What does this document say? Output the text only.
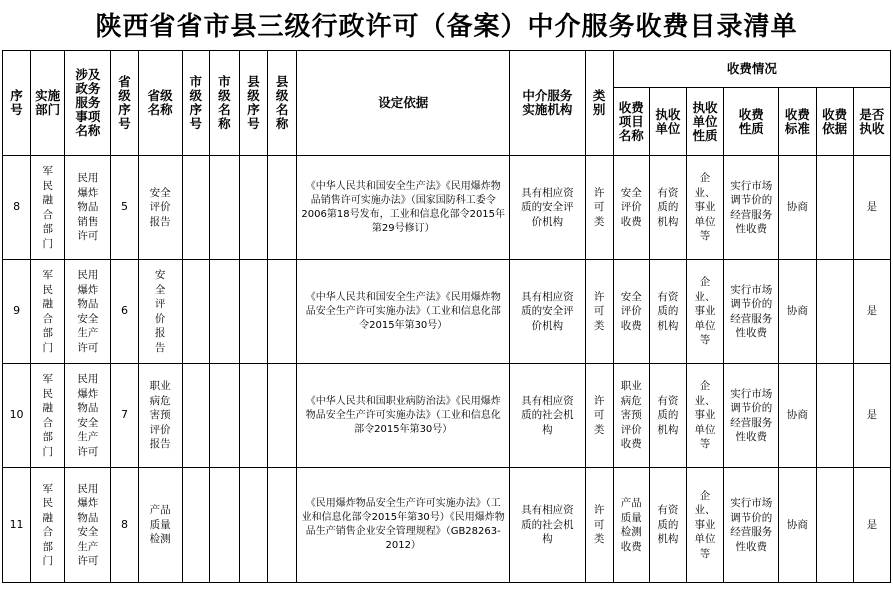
陕西省省市县三级行政许可（备案）中介服务收费目录清单
序号	实施部门	涉及政务服务事项名称	省级序号	省级名称	市级序号	市级名称	县级序号	县级名称	设定依据	中介服务实施机构	类别	收费情况						

												收费项目名称	执收单位	执收单位性质	收费性质	收费标准	收费依据	是否执收

8	军民融合部门	民用爆炸物品销售许可	5	安全评价报告					《中华人民共和国安全生产法》《民用爆炸物品销售许可实施办法》（国家国防科工委令2006第18号发布，工业和信息化部令2015年第29号修订）	具有相应资质的安全评价机构	许可类	安全评价收费	有资质的机构	企业、事业单位等	实行市场调节价的经营服务性收费	协商		是
9	军民融合部门	民用爆炸物品安全生产许可	6	安全评价报告					《中华人民共和国安全生产法》《民用爆炸物品安全生产许可实施办法》（工业和信息化部令2015年第30号）	具有相应资质的安全评价机构	许可类	安全评价收费	有资质的机构	企业、事业单位等	实行市场调节价的经营服务性收费	协商		是
10	军民融合部门	民用爆炸物品安全生产许可	7	职业病危害预评价报告					《中华人民共和国职业病防治法》《民用爆炸物品安全生产许可实施办法》（工业和信息化部令2015年第30号）	具有相应资质的社会机构	许可类	职业病危害预评价收费	有资质的机构	企业、事业单位等	实行市场调节价的经营服务性收费	协商		是
11	军民融合部门	民用爆炸物品安全生产许可	8	产品质量检测					《民用爆炸物品安全生产许可实施办法》（工业和信息化部令2015年第30号）《民用爆炸物品生产销售企业安全管理规程》（GB28263-2012）	具有相应资质的社会机构	许可类	产品质量检测收费	有资质的机构	企业、事业单位等	实行市场调节价的经营服务性收费	协商		是
